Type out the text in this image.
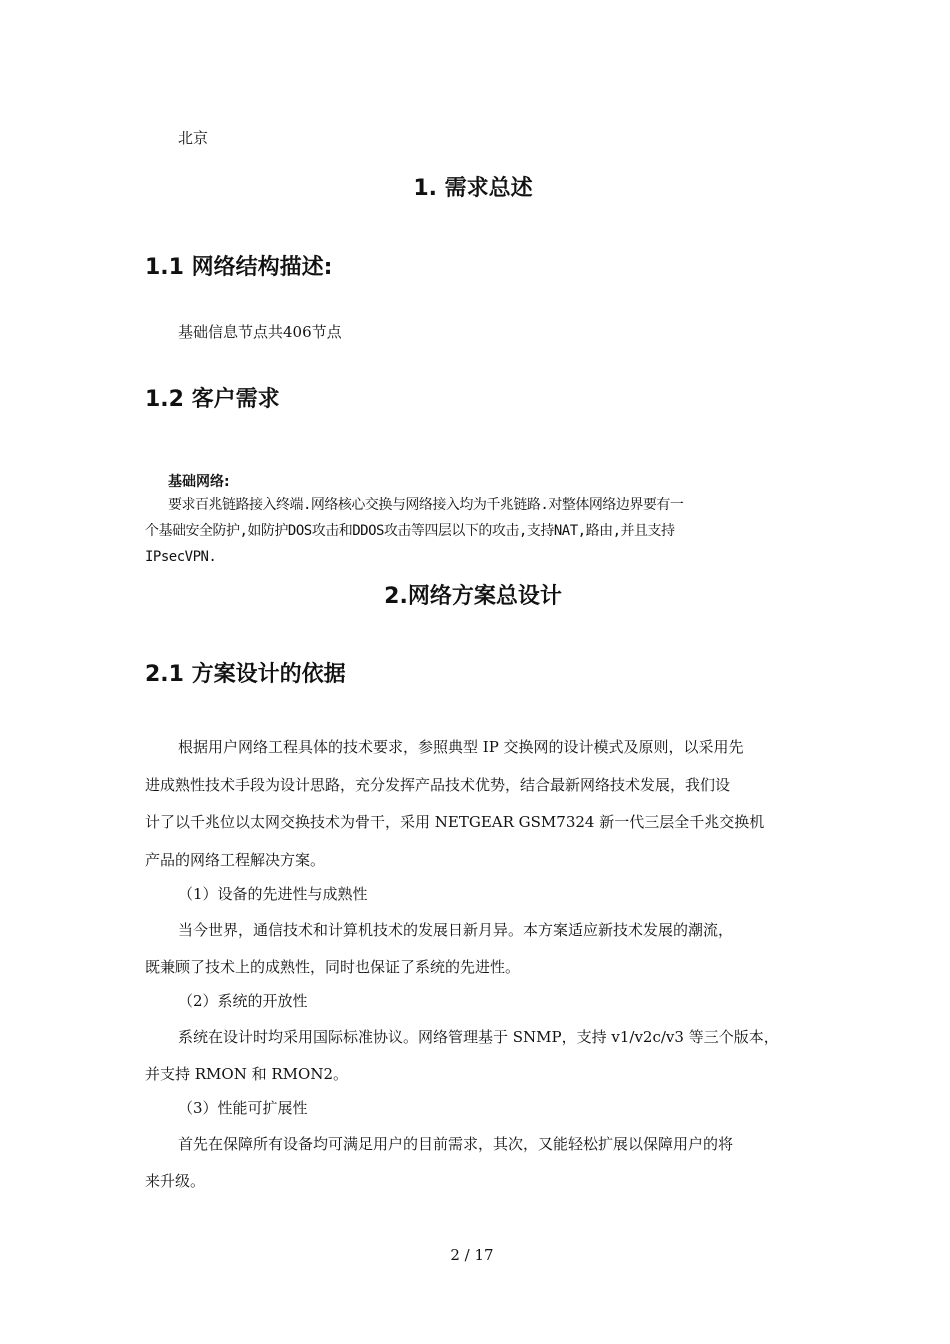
北京
1. 需求总述
1.1 网络结构描述:
基础信息节点共406节点
1.2 客户需求
基础网络:
要求百兆链路接入终端.网络核心交换与网络接入均为千兆链路.对整体网络边界要有一
个基础安全防护,如防护DOS攻击和DDOS攻击等四层以下的攻击,支持NAT,路由,并且支持
IPsecVPN.
2.网络方案总设计
2.1 方案设计的依据
根据用户网络工程具体的技术要求，参照典型 IP 交换网的设计模式及原则，以采用先
进成熟性技术手段为设计思路，充分发挥产品技术优势，结合最新网络技术发展，我们设
计了以千兆位以太网交换技术为骨干，采用 NETGEAR GSM7324 新一代三层全千兆交换机
产品的网络工程解决方案。
（1）设备的先进性与成熟性
当今世界，通信技术和计算机技术的发展日新月异。本方案适应新技术发展的潮流，
既兼顾了技术上的成熟性，同时也保证了系统的先进性。
（2）系统的开放性
系统在设计时均采用国际标准协议。网络管理基于 SNMP，支持 v1/v2c/v3 等三个版本，
并支持 RMON 和 RMON2。
（3）性能可扩展性
首先在保障所有设备均可满足用户的目前需求，其次，又能轻松扩展以保障用户的将
来升级。
2 / 17
